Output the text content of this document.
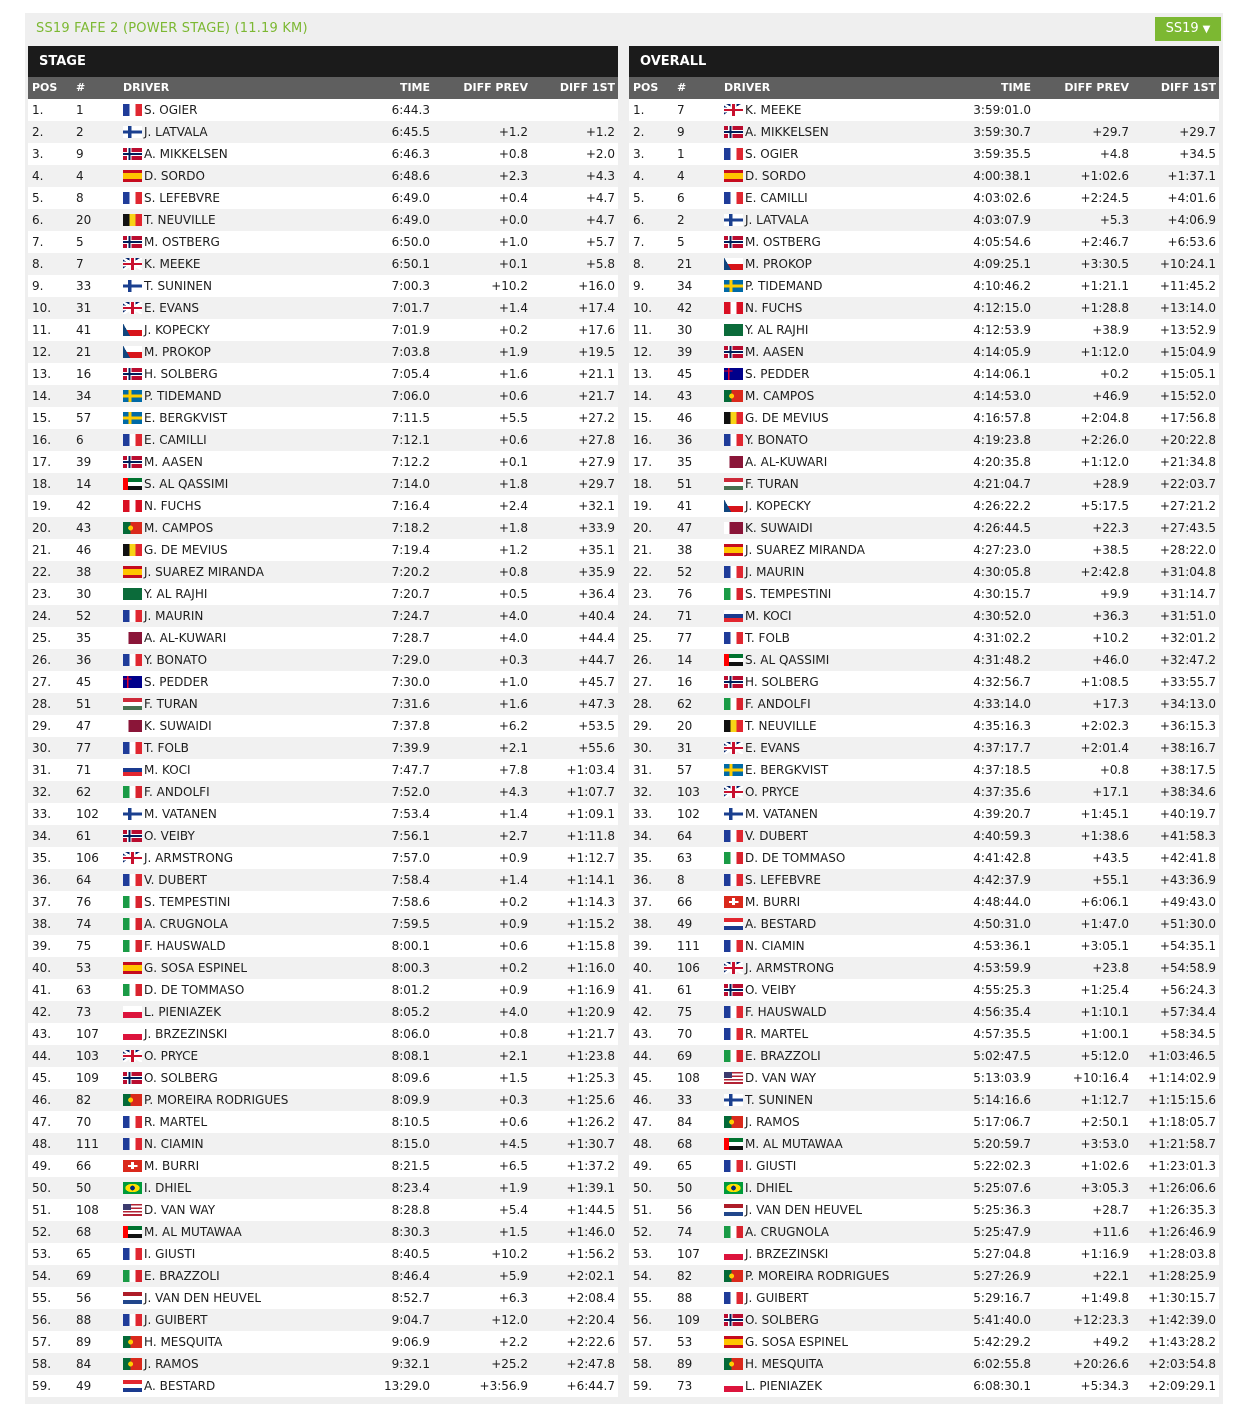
SS19 FAFE 2 (POWER STAGE) (11.19 KM)	SS19 ▼
STAGE
POS #	DRIVER	TIME	DIFF PREV	DIFF 1ST
1.	1	S. OGIER	6:44.3
2.	2	J. LATVALA	6:45.5	+1.2	+1.2
3.	9	A. MIKKELSEN	6:46.3	+0.8	+2.0
4.	4	D. SORDO	6:48.6	+2.3	+4.3
5.	8	S. LEFEBVRE	6:49.0	+0.4	+4.7
6.	20	T. NEUVILLE	6:49.0	+0.0	+4.7
7.	5	M. OSTBERG	6:50.0	+1.0	+5.7
8.	7	K. MEEKE	6:50.1	+0.1	+5.8
9.	33	T. SUNINEN	7:00.3	+10.2	+16.0
10. 31	E. EVANS	7:01.7	+1.4	+17.4
11. 41	J. KOPECKY	7:01.9	+0.2	+17.6
12. 21	M. PROKOP	7:03.8	+1.9	+19.5
13. 16	H. SOLBERG	7:05.4	+1.6	+21.1
14. 34	P. TIDEMAND	7:06.0	+0.6	+21.7
15. 57	E. BERGKVIST	7:11.5	+5.5	+27.2
16. 6	E. CAMILLI	7:12.1	+0.6	+27.8
17. 39	M. AASEN	7:12.2	+0.1	+27.9
18. 14	S. AL QASSIMI	7:14.0	+1.8	+29.7
19. 42	N. FUCHS	7:16.4	+2.4	+32.1
20. 43	M. CAMPOS	7:18.2	+1.8	+33.9
21. 46	G. DE MEVIUS	7:19.4	+1.2	+35.1
22. 38	J. SUAREZ MIRANDA	7:20.2	+0.8	+35.9
23. 30	Y. AL RAJHI	7:20.7	+0.5	+36.4
24. 52	J. MAURIN	7:24.7	+4.0	+40.4
25. 35	A. AL-KUWARI	7:28.7	+4.0	+44.4
26. 36	Y. BONATO	7:29.0	+0.3	+44.7
27. 45	S. PEDDER	7:30.0	+1.0	+45.7
28. 51	F. TURAN	7:31.6	+1.6	+47.3
29. 47	K. SUWAIDI	7:37.8	+6.2	+53.5
30. 77	T. FOLB	7:39.9	+2.1	+55.6
31. 71	M. KOCI	7:47.7	+7.8	+1:03.4
32. 62	F. ANDOLFI	7:52.0	+4.3	+1:07.7
33. 102	M. VATANEN	7:53.4	+1.4	+1:09.1
34. 61	O. VEIBY	7:56.1	+2.7	+1:11.8
35. 106	J. ARMSTRONG	7:57.0	+0.9	+1:12.7
36. 64	V. DUBERT	7:58.4	+1.4	+1:14.1
37. 76	S. TEMPESTINI	7:58.6	+0.2	+1:14.3
38. 74	A. CRUGNOLA	7:59.5	+0.9	+1:15.2
39. 75	F. HAUSWALD	8:00.1	+0.6	+1:15.8
40. 53	G. SOSA ESPINEL	8:00.3	+0.2	+1:16.0
41. 63	D. DE TOMMASO	8:01.2	+0.9	+1:16.9
42. 73	L. PIENIAZEK	8:05.2	+4.0	+1:20.9
43. 107	J. BRZEZINSKI	8:06.0	+0.8	+1:21.7
44. 103	O. PRYCE	8:08.1	+2.1	+1:23.8
45. 109	O. SOLBERG	8:09.6	+1.5	+1:25.3
46. 82	P. MOREIRA RODRIGUES	8:09.9	+0.3	+1:25.6
47. 70	R. MARTEL	8:10.5	+0.6	+1:26.2
48. 111	N. CIAMIN	8:15.0	+4.5	+1:30.7
49. 66	M. BURRI	8:21.5	+6.5	+1:37.2
50. 50	I. DHIEL	8:23.4	+1.9	+1:39.1
51. 108	D. VAN WAY	8:28.8	+5.4	+1:44.5
52. 68	M. AL MUTAWAA	8:30.3	+1.5	+1:46.0
53. 65	I. GIUSTI	8:40.5	+10.2	+1:56.2
54. 69	E. BRAZZOLI	8:46.4	+5.9	+2:02.1
55. 56	J. VAN DEN HEUVEL	8:52.7	+6.3	+2:08.4
56. 88	J. GUIBERT	9:04.7	+12.0	+2:20.4
57. 89	H. MESQUITA	9:06.9	+2.2	+2:22.6
58. 84	J. RAMOS	9:32.1	+25.2	+2:47.8
59. 49	A. BESTARD	13:29.0	+3:56.9	+6:44.7
OVERALL
POS #	DRIVER	TIME	DIFF PREV	DIFF 1ST
1.	7	K. MEEKE	3:59:01.0
2.	9	A. MIKKELSEN	3:59:30.7	+29.7	+29.7
3.	1	S. OGIER	3:59:35.5	+4.8	+34.5
4.	4	D. SORDO	4:00:38.1	+1:02.6	+1:37.1
5.	6	E. CAMILLI	4:03:02.6	+2:24.5	+4:01.6
6.	2	J. LATVALA	4:03:07.9	+5.3	+4:06.9
7.	5	M. OSTBERG	4:05:54.6	+2:46.7	+6:53.6
8.	21	M. PROKOP	4:09:25.1	+3:30.5	+10:24.1
9.	34	P. TIDEMAND	4:10:46.2	+1:21.1	+11:45.2
10. 42	N. FUCHS	4:12:15.0	+1:28.8	+13:14.0
11. 30	Y. AL RAJHI	4:12:53.9	+38.9	+13:52.9
12. 39	M. AASEN	4:14:05.9	+1:12.0	+15:04.9
13. 45	S. PEDDER	4:14:06.1	+0.2	+15:05.1
14. 43	M. CAMPOS	4:14:53.0	+46.9	+15:52.0
15. 46	G. DE MEVIUS	4:16:57.8	+2:04.8	+17:56.8
16. 36	Y. BONATO	4:19:23.8	+2:26.0	+20:22.8
17. 35	A. AL-KUWARI	4:20:35.8	+1:12.0	+21:34.8
18. 51	F. TURAN	4:21:04.7	+28.9	+22:03.7
19. 41	J. KOPECKY	4:26:22.2	+5:17.5	+27:21.2
20. 47	K. SUWAIDI	4:26:44.5	+22.3	+27:43.5
21. 38	J. SUAREZ MIRANDA	4:27:23.0	+38.5	+28:22.0
22. 52	J. MAURIN	4:30:05.8	+2:42.8	+31:04.8
23. 76	S. TEMPESTINI	4:30:15.7	+9.9	+31:14.7
24. 71	M. KOCI	4:30:52.0	+36.3	+31:51.0
25. 77	T. FOLB	4:31:02.2	+10.2	+32:01.2
26. 14	S. AL QASSIMI	4:31:48.2	+46.0	+32:47.2
27. 16	H. SOLBERG	4:32:56.7	+1:08.5	+33:55.7
28. 62	F. ANDOLFI	4:33:14.0	+17.3	+34:13.0
29. 20	T. NEUVILLE	4:35:16.3	+2:02.3	+36:15.3
30. 31	E. EVANS	4:37:17.7	+2:01.4	+38:16.7
31. 57	E. BERGKVIST	4:37:18.5	+0.8	+38:17.5
32. 103	O. PRYCE	4:37:35.6	+17.1	+38:34.6
33. 102	M. VATANEN	4:39:20.7	+1:45.1	+40:19.7
34. 64	V. DUBERT	4:40:59.3	+1:38.6	+41:58.3
35. 63	D. DE TOMMASO	4:41:42.8	+43.5	+42:41.8
36. 8	S. LEFEBVRE	4:42:37.9	+55.1	+43:36.9
37. 66	M. BURRI	4:48:44.0	+6:06.1	+49:43.0
38. 49	A. BESTARD	4:50:31.0	+1:47.0	+51:30.0
39. 111	N. CIAMIN	4:53:36.1	+3:05.1	+54:35.1
40. 106	J. ARMSTRONG	4:53:59.9	+23.8	+54:58.9
41. 61	O. VEIBY	4:55:25.3	+1:25.4	+56:24.3
42. 75	F. HAUSWALD	4:56:35.4	+1:10.1	+57:34.4
43. 70	R. MARTEL	4:57:35.5	+1:00.1	+58:34.5
44. 69	E. BRAZZOLI	5:02:47.5	+5:12.0 +1:03:46.5
45. 108	D. VAN WAY	5:13:03.9	+10:16.4 +1:14:02.9
46. 33	T. SUNINEN	5:14:16.6	+1:12.7 +1:15:15.6
47. 84	J. RAMOS	5:17:06.7	+2:50.1 +1:18:05.7
48. 68	M. AL MUTAWAA	5:20:59.7	+3:53.0 +1:21:58.7
49. 65	I. GIUSTI	5:22:02.3	+1:02.6 +1:23:01.3
50. 50	I. DHIEL	5:25:07.6	+3:05.3 +1:26:06.6
51. 56	J. VAN DEN HEUVEL	5:25:36.3	+28.7 +1:26:35.3
52. 74	A. CRUGNOLA	5:25:47.9	+11.6 +1:26:46.9
53. 107	J. BRZEZINSKI	5:27:04.8	+1:16.9 +1:28:03.8
54. 82	P. MOREIRA RODRIGUES	5:27:26.9	+22.1 +1:28:25.9
55. 88	J. GUIBERT	5:29:16.7	+1:49.8 +1:30:15.7
56. 109	O. SOLBERG	5:41:40.0	+12:23.3 +1:42:39.0
57. 53	G. SOSA ESPINEL	5:42:29.2	+49.2 +1:43:28.2
58. 89	H. MESQUITA	6:02:55.8	+20:26.6 +2:03:54.8
59. 73	L. PIENIAZEK	6:08:30.1	+5:34.3 +2:09:29.1
